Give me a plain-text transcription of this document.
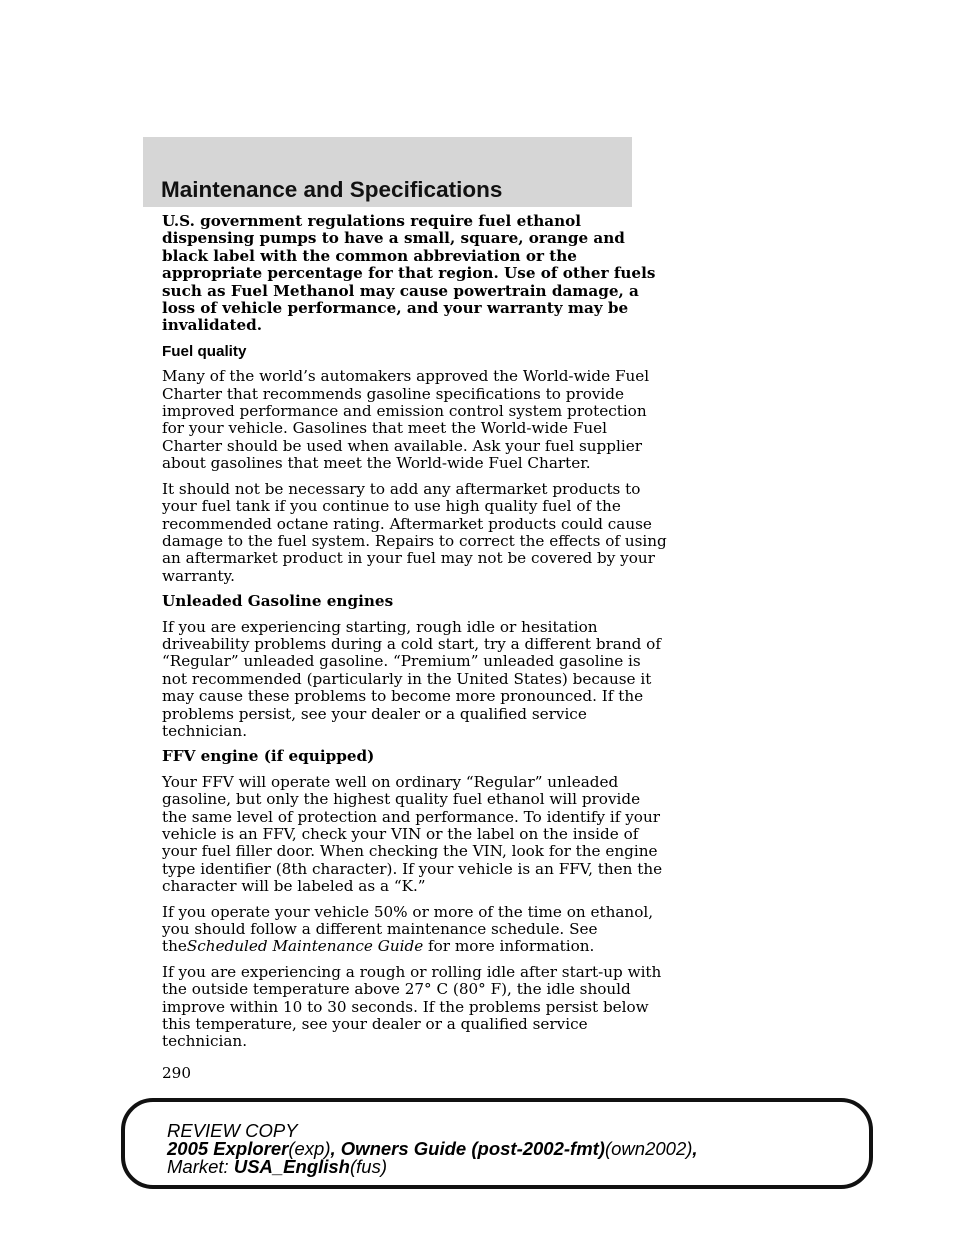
Maintenance and Specifications

U.S. government regulations require fuel ethanol dispensing pumps to have a small, square, orange and black label with the common abbreviation or the appropriate percentage for that region. Use of other fuels such as Fuel Methanol may cause powertrain damage, a loss of vehicle performance, and your warranty may be invalidated.

Fuel quality

Many of the world’s automakers approved the World-wide Fuel Charter that recommends gasoline specifications to provide improved performance and emission control system protection for your vehicle. Gasolines that meet the World-wide Fuel Charter should be used when available. Ask your fuel supplier about gasolines that meet the World-wide Fuel Charter.

It should not be necessary to add any aftermarket products to your fuel tank if you continue to use high quality fuel of the recommended octane rating. Aftermarket products could cause damage to the fuel system. Repairs to correct the effects of using an aftermarket product in your fuel may not be covered by your warranty.

Unleaded Gasoline engines

If you are experiencing starting, rough idle or hesitation driveability problems during a cold start, try a different brand of “Regular” unleaded gasoline. “Premium” unleaded gasoline is not recommended (particularly in the United States) because it may cause these problems to become more pronounced. If the problems persist, see your dealer or a qualified service technician.

FFV engine (if equipped)

Your FFV will operate well on ordinary “Regular” unleaded gasoline, but only the highest quality fuel ethanol will provide the same level of protection and performance. To identify if your vehicle is an FFV, check your VIN or the label on the inside of your fuel filler door. When checking the VIN, look for the engine type identifier (8th character). If your vehicle is an FFV, then the character will be labeled as a “K.”

If you operate your vehicle 50% or more of the time on ethanol, you should follow a different maintenance schedule. See theScheduled Maintenance Guide for more information.

If you are experiencing a rough or rolling idle after start-up with the outside temperature above 27° C (80° F), the idle should improve within 10 to 30 seconds. If the problems persist below this temperature, see your dealer or a qualified service technician.

290
REVIEW COPY
2005 Explorer(exp), Owners Guide (post-2002-fmt)(own2002),
Market: USA_English(fus)
